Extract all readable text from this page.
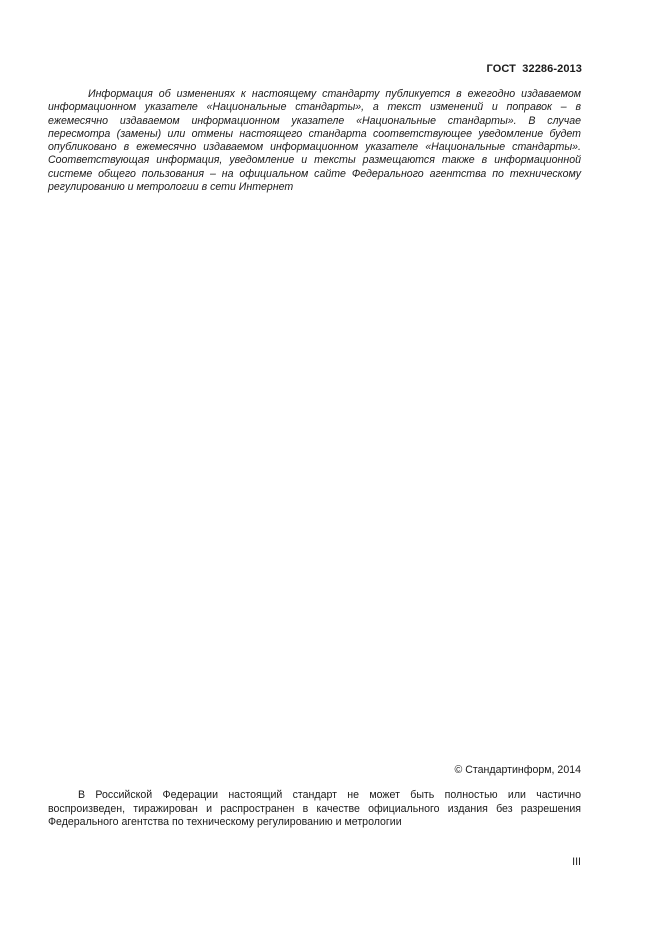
ГОСТ  32286-2013

Информация об изменениях к настоящему стандарту публикуется в ежегодно издаваемом информационном указателе «Национальные стандарты», а текст изменений и поправок – в ежемесячно издаваемом информационном указателе «Национальные стандарты». В случае пересмотра (замены) или отмены настоящего стандарта соответствующее уведомление будет опубликовано в ежемесячно издаваемом информационном указателе «Национальные стандарты». Соответствующая информация, уведомление и тексты размещаются также в информационной системе общего пользования – на официальном сайте Федерального агентства по техническому регулированию и метрологии в сети Интернет

© Стандартинформ, 2014

В Российской Федерации настоящий стандарт не может быть полностью или частично воспроизведен, тиражирован и распространен в качестве официального издания без разрешения Федерального агентства по техническому регулированию и метрологии

III
